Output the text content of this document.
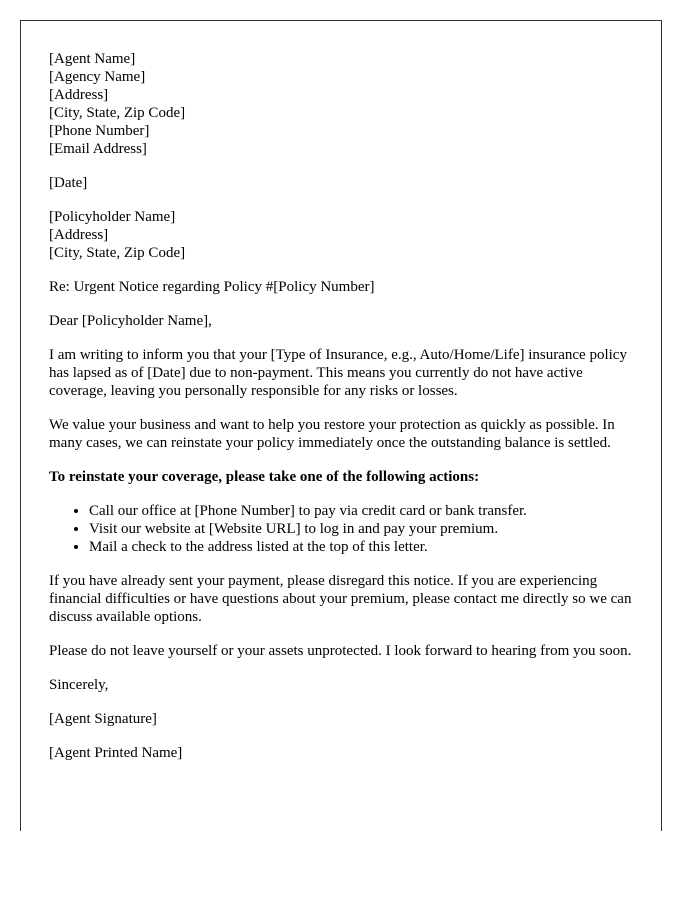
[Agent Name]
[Agency Name]
[Address]
[City, State, Zip Code]
[Phone Number]
[Email Address]

[Date]

[Policyholder Name]
[Address]
[City, State, Zip Code]

Re: Urgent Notice regarding Policy #[Policy Number]

Dear [Policyholder Name],

I am writing to inform you that your [Type of Insurance, e.g., Auto/Home/Life] insurance policy has lapsed as of [Date] due to non-payment. This means you currently do not have active coverage, leaving you personally responsible for any risks or losses.

We value your business and want to help you restore your protection as quickly as possible. In many cases, we can reinstate your policy immediately once the outstanding balance is settled.

To reinstate your coverage, please take one of the following actions:

• Call our office at [Phone Number] to pay via credit card or bank transfer.
• Visit our website at [Website URL] to log in and pay your premium.
• Mail a check to the address listed at the top of this letter.

If you have already sent your payment, please disregard this notice. If you are experiencing financial difficulties or have questions about your premium, please contact me directly so we can discuss available options.

Please do not leave yourself or your assets unprotected. I look forward to hearing from you soon.

Sincerely,

[Agent Signature]

[Agent Printed Name]
